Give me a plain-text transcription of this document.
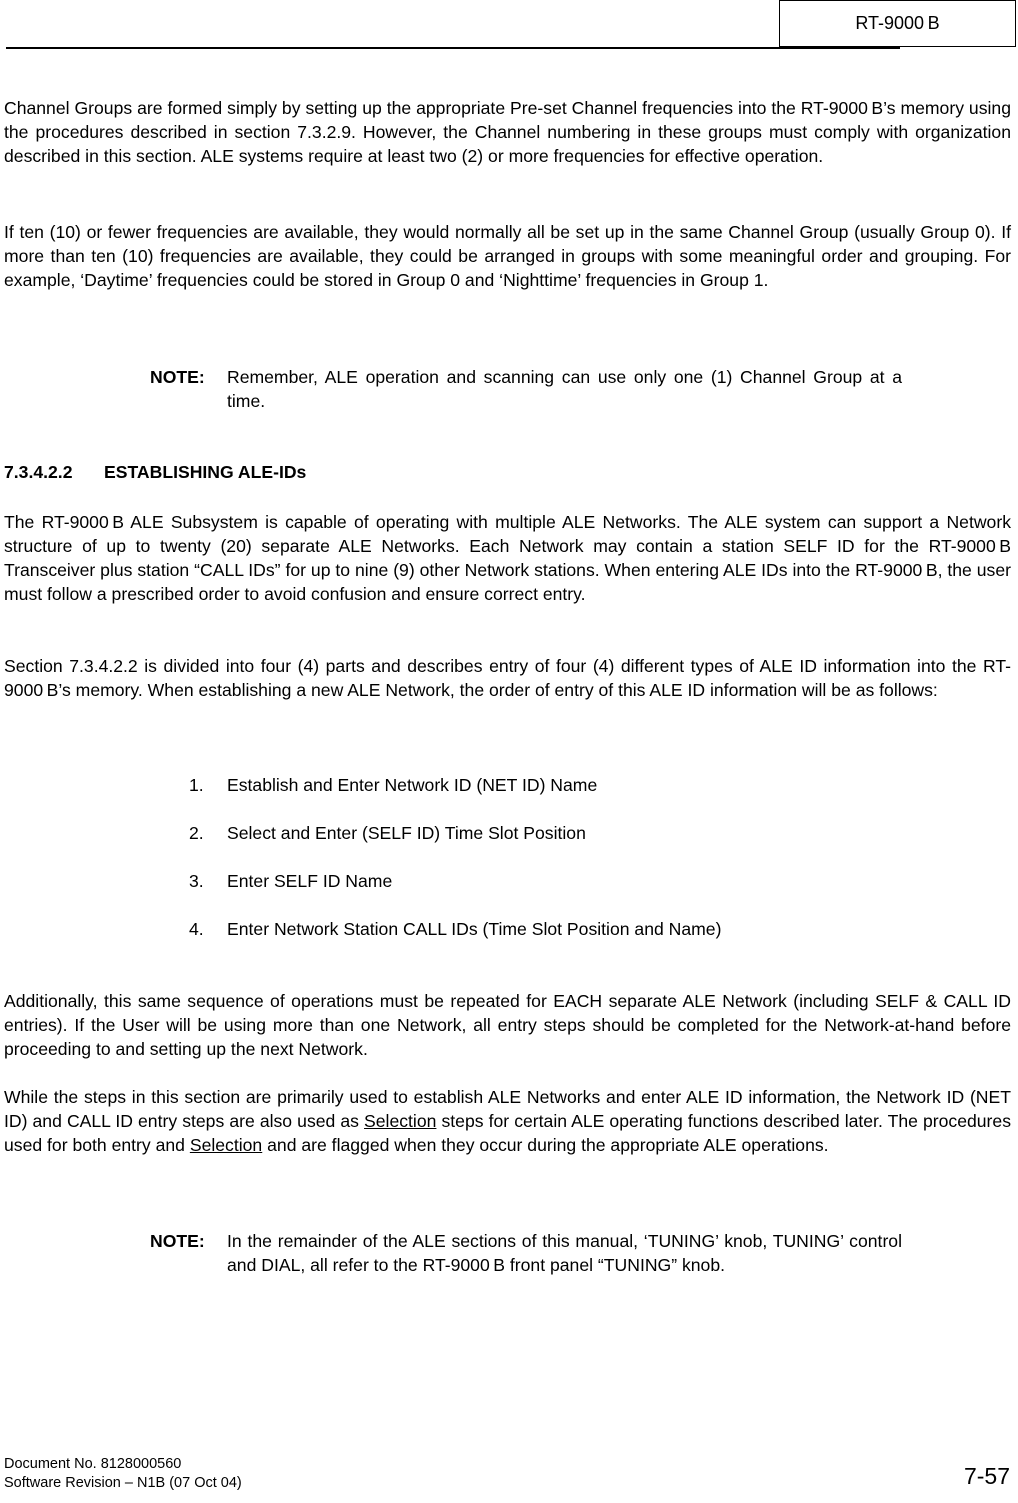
RT-9000 B

Channel Groups are formed simply by setting up the appropriate Pre-set Channel frequencies into the RT-9000 B’s memory using the procedures described in section 7.3.2.9. However, the Channel numbering in these groups must comply with organization described in this section. ALE systems require at least two (2) or more frequencies for effective operation.

If ten (10) or fewer frequencies are available, they would normally all be set up in the same Channel Group (usually Group 0). If more than ten (10) frequencies are available, they could be arranged in groups with some meaningful order and grouping. For example, ‘Daytime’ frequencies could be stored in Group 0 and ‘Nighttime’ frequencies in Group 1.

NOTE:	Remember, ALE operation and scanning can use only one (1) Channel Group at a time.
7.3.4.2.2	ESTABLISHING ALE-IDs

The RT-9000 B ALE Subsystem is capable of operating with multiple ALE Networks. The ALE system can support a Network structure of up to twenty (20) separate ALE Networks. Each Network may contain a station SELF ID for the RT-9000 B Transceiver plus station “CALL IDs” for up to nine (9) other Network stations. When entering ALE IDs into the RT-9000 B, the user must follow a prescribed order to avoid confusion and ensure correct entry.

Section 7.3.4.2.2 is divided into four (4) parts and describes entry of four (4) different types of ALE ID information into the RT-9000 B’s memory. When establishing a new ALE Network, the order of entry of this ALE ID information will be as follows:

1.	Establish and Enter Network ID (NET ID) Name
2.	Select and Enter (SELF ID) Time Slot Position
3.	Enter SELF ID Name
4.	Enter Network Station CALL IDs (Time Slot Position and Name)

Additionally, this same sequence of operations must be repeated for EACH separate ALE Network (including SELF & CALL ID entries). If the User will be using more than one Network, all entry steps should be completed for the Network-at-hand before proceeding to and setting up the next Network.

While the steps in this section are primarily used to establish ALE Networks and enter ALE ID information, the Network ID (NET ID) and CALL ID entry steps are also used as Selection steps for certain ALE operating functions described later. The procedures used for both entry and Selection and are flagged when they occur during the appropriate ALE operations.

NOTE:	In the remainder of the ALE sections of this manual, ‘TUNING’ knob, TUNING’ control and DIAL, all refer to the RT-9000 B front panel “TUNING” knob.
Document No. 8128000560
Software Revision – N1B (07 Oct 04)	7-57
